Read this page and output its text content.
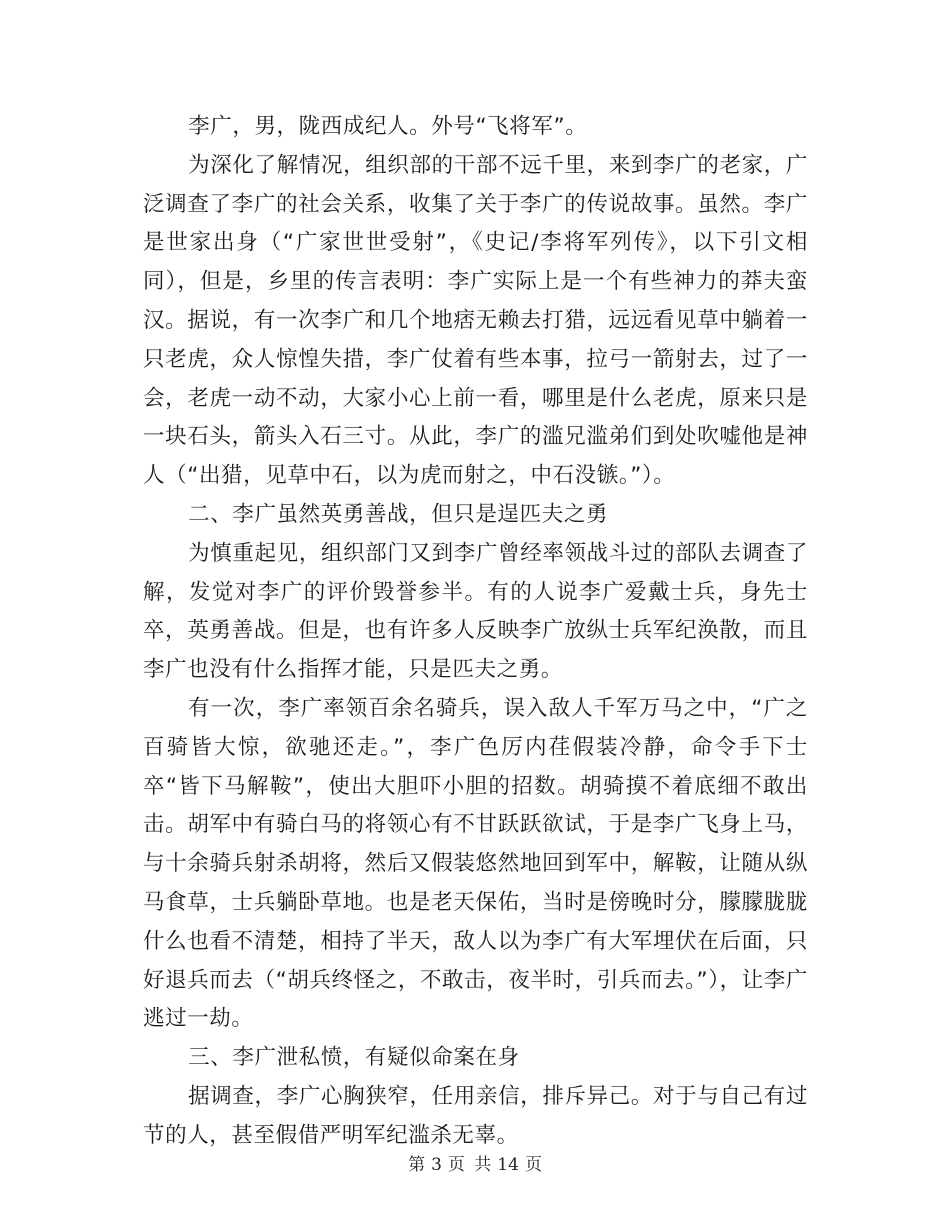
李广，男，陇西成纪人。外号“飞将军”。

为深化了解情况，组织部的干部不远千里，来到李广的老家，广泛调查了李广的社会关系，收集了关于李广的传说故事。虽然。李广是世家出身（“广家世世受射”，《史记/李将军列传》，以下引文相同），但是，乡里的传言表明：李广实际上是一个有些神力的莽夫蛮汉。据说，有一次李广和几个地痞无赖去打猎，远远看见草中躺着一只老虎，众人惊惶失措，李广仗着有些本事，拉弓一箭射去，过了一会，老虎一动不动，大家小心上前一看，哪里是什么老虎，原来只是一块石头，箭头入石三寸。从此，李广的滥兄滥弟们到处吹嘘他是神人（“出猎，见草中石，以为虎而射之，中石没镞。”）。

二、李广虽然英勇善战，但只是逞匹夫之勇

为慎重起见，组织部门又到李广曾经率领战斗过的部队去调查了解，发觉对李广的评价毁誉参半。有的人说李广爱戴士兵，身先士卒，英勇善战。但是，也有许多人反映李广放纵士兵军纪涣散，而且李广也没有什么指挥才能，只是匹夫之勇。

有一次，李广率领百余名骑兵，误入敌人千军万马之中，“广之百骑皆大惊，欲驰还走。”，李广色厉内荏假装冷静，命令手下士卒“皆下马解鞍”，使出大胆吓小胆的招数。胡骑摸不着底细不敢出击。胡军中有骑白马的将领心有不甘跃跃欲试，于是李广飞身上马，与十余骑兵射杀胡将，然后又假装悠然地回到军中，解鞍，让随从纵马食草，士兵躺卧草地。也是老天保佑，当时是傍晚时分，朦朦胧胧什么也看不清楚，相持了半天，敌人以为李广有大军埋伏在后面，只好退兵而去（“胡兵终怪之，不敢击，夜半时，引兵而去。”），让李广逃过一劫。

三、李广泄私愤，有疑似命案在身

据调查，李广心胸狭窄，任用亲信，排斥异己。对于与自己有过节的人，甚至假借严明军纪滥杀无辜。

第 3 页 共 14 页
